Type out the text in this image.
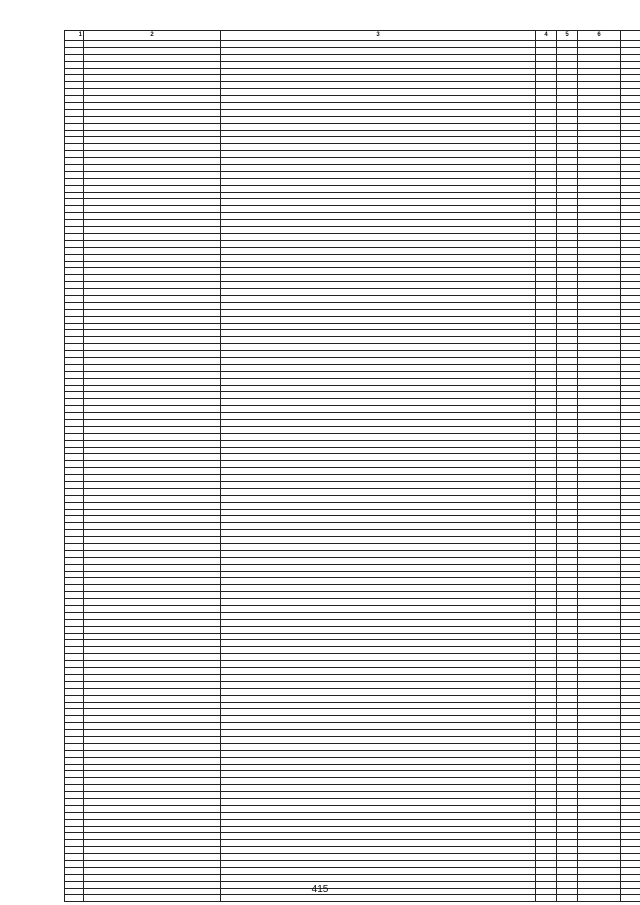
1	2	3	4	5	6	

415
